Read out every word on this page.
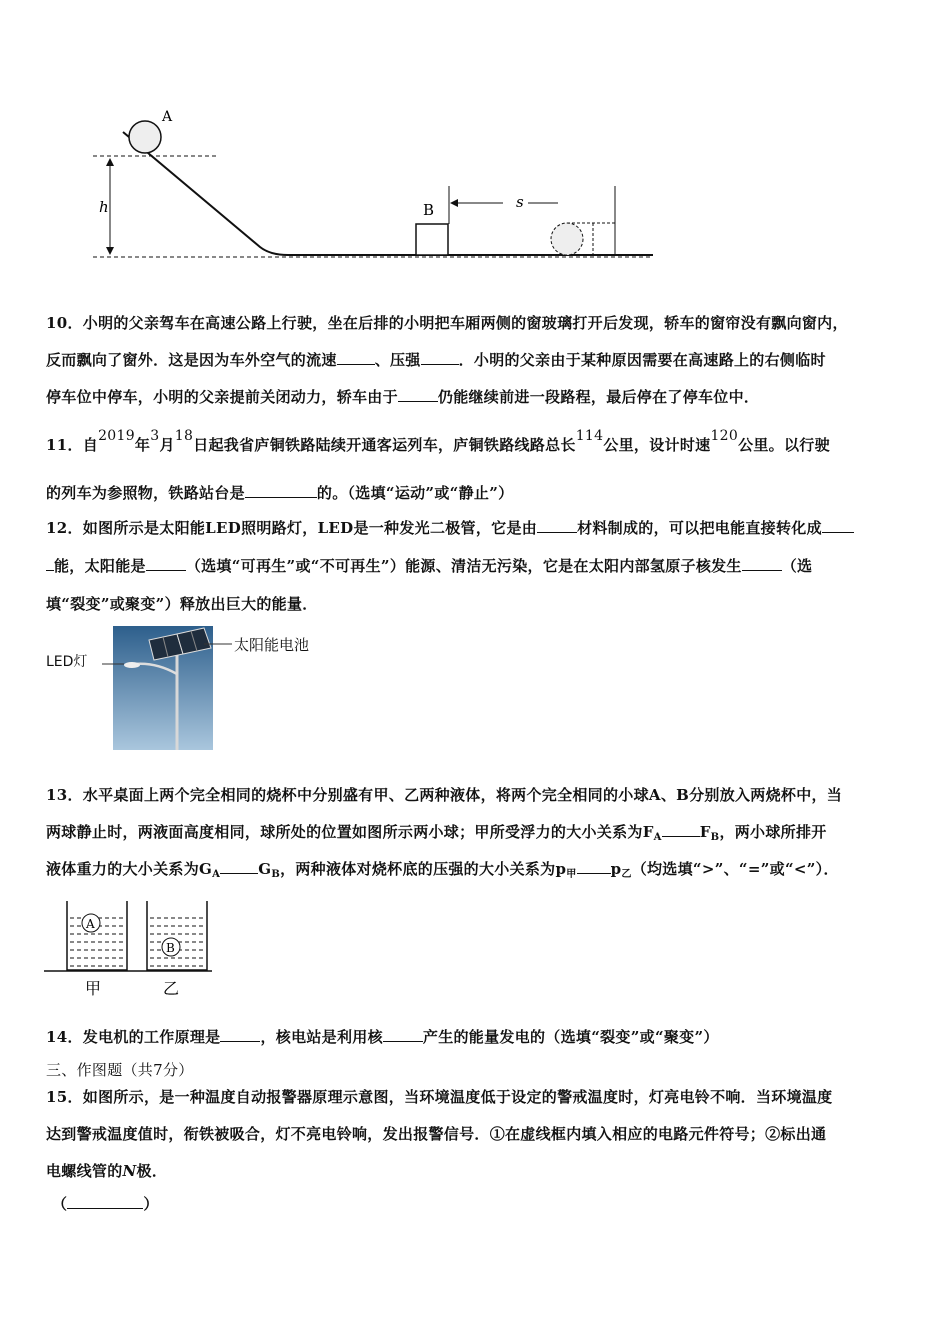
h
A
B	s
10．小明的父亲驾车在高速公路上行驶，坐在后排的小明把车厢两侧的窗玻璃打开后发现，轿车的窗帘没有飘向窗内，
反而飘向了窗外．这是因为车外空气的流速	、压强	．小明的父亲由于某种原因需要在高速路上的右侧临时
停车位中停车，小明的父亲提前关闭动力，轿车由于	仍能继续前进一段路程，最后停在了停车位中．
11．自2019年3月18日起我省庐铜铁路陆续开通客运列车，庐铜铁路线路总长114公里，设计时速120公里。以行驶
的列车为参照物，铁路站台是	的。（选填“运动”或“静止”）
12．如图所示是太阳能LED照明路灯，LED是一种发光二极管，它是由	材料制成的，可以把电能直接转化成
能，太阳能是	（选填“可再生”或“不可再生”）能源、清洁无污染，它是在太阳内部氢原子核发生	（选
填“裂变”或聚变”）释放出巨大的能量．
LED灯
太阳能电池
13．水平桌面上两个完全相同的烧杯中分别盛有甲、乙两种液体，将两个完全相同的小球A、B分别放入两烧杯中，当
两球静止时，两液面高度相同，球所处的位置如图所示两小球；甲所受浮力的大小关系为$F_A$	$F_B$，两小球所排开
液体重力的大小关系为$G_A$	$G_B$，两种液体对烧杯底的压强的大小关系为$p_甲$ $p_乙$（均选填“>”、“=”或“<”）．
A
B
甲	乙
14．发电机的工作原理是	，核电站是利用核	产生的能量发电的（选填“裂变”或“聚变”）
三、作图题（共7分）
15．如图所示，是一种温度自动报警器原理示意图，当环境温度低于设定的警戒温度时，灯亮电铃不响．当环境温度
达到警戒温度值时，衔铁被吸合，灯不亮电铃响，发出报警信号．①在虚线框内填入相应的电路元件符号；②标出通
电螺线管的N极．
（	）
